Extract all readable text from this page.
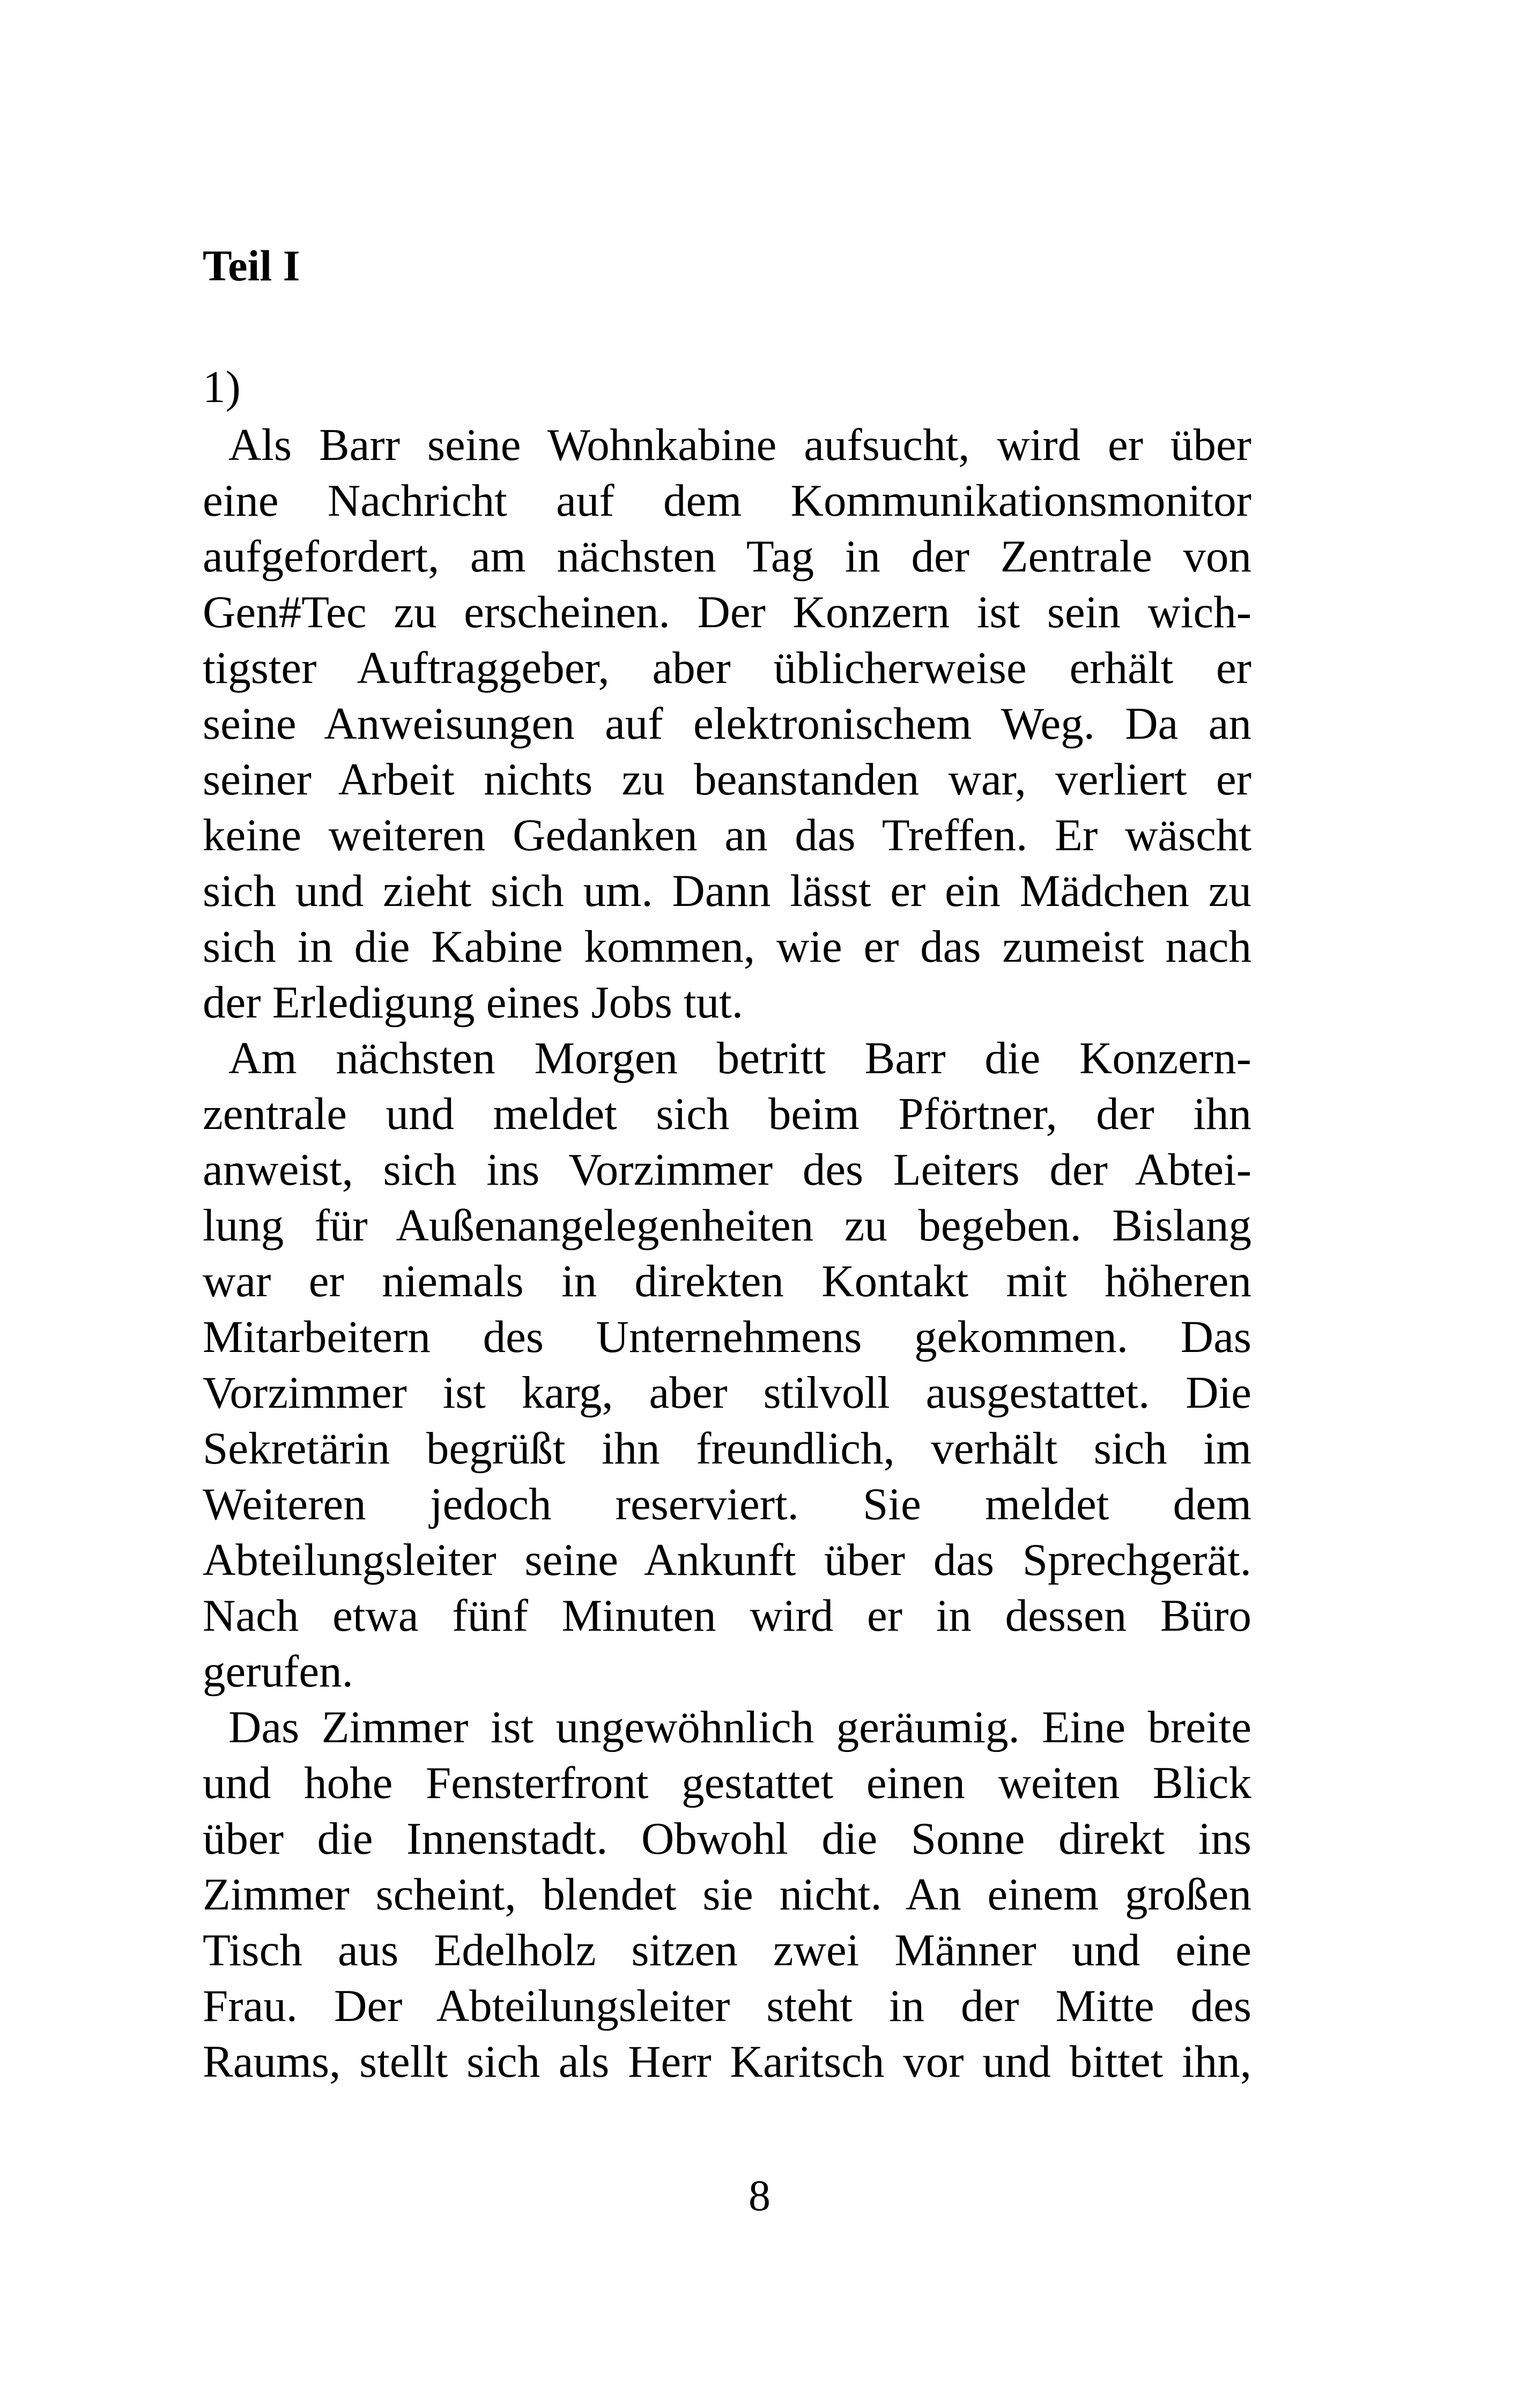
Teil I
1)
Als Barr seine Wohnkabine aufsucht, wird er über
eine Nachricht auf dem Kommunikationsmonitor
aufgefordert, am nächsten Tag in der Zentrale von
Gen#Tec zu erscheinen. Der Konzern ist sein wich-
tigster Auftraggeber, aber üblicherweise erhält er
seine Anweisungen auf elektronischem Weg. Da an
seiner Arbeit nichts zu beanstanden war, verliert er
keine weiteren Gedanken an das Treffen. Er wäscht
sich und zieht sich um. Dann lässt er ein Mädchen zu
sich in die Kabine kommen, wie er das zumeist nach
der Erledigung eines Jobs tut.
Am nächsten Morgen betritt Barr die Konzern-
zentrale und meldet sich beim Pförtner, der ihn
anweist, sich ins Vorzimmer des Leiters der Abtei-
lung für Außenangelegenheiten zu begeben. Bislang
war er niemals in direkten Kontakt mit höheren
Mitarbeitern des Unternehmens gekommen. Das
Vorzimmer ist karg, aber stilvoll ausgestattet. Die
Sekretärin begrüßt ihn freundlich, verhält sich im
Weiteren jedoch reserviert. Sie meldet dem
Abteilungsleiter seine Ankunft über das Sprechgerät.
Nach etwa fünf Minuten wird er in dessen Büro
gerufen.
Das Zimmer ist ungewöhnlich geräumig. Eine breite
und hohe Fensterfront gestattet einen weiten Blick
über die Innenstadt. Obwohl die Sonne direkt ins
Zimmer scheint, blendet sie nicht. An einem großen
Tisch aus Edelholz sitzen zwei Männer und eine
Frau. Der Abteilungsleiter steht in der Mitte des
Raums, stellt sich als Herr Karitsch vor und bittet ihn,
8
